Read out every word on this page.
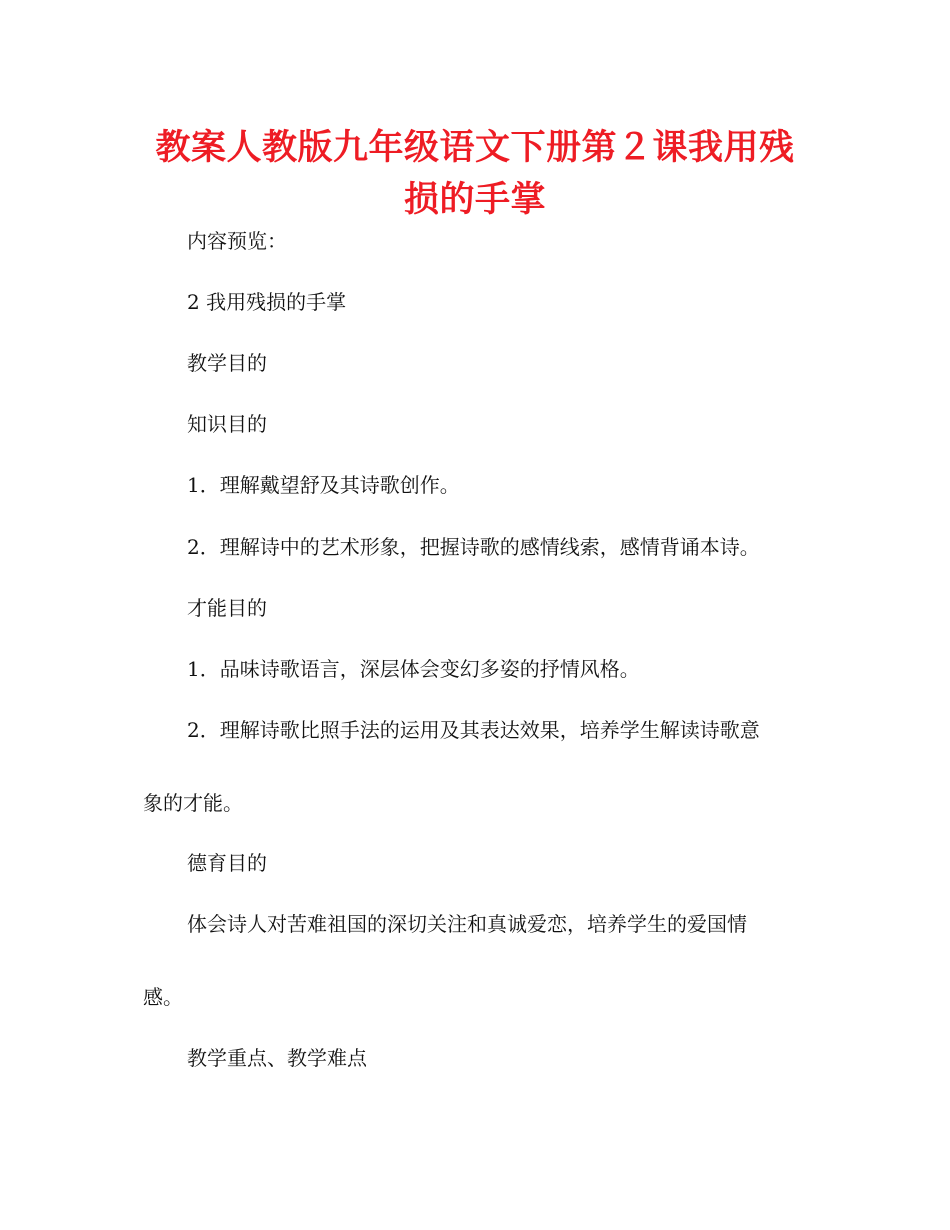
教案人教版九年级语文下册第２课我用残
损的手掌

内容预览：

2 我用残损的手掌

教学目的

知识目的

1．理解戴望舒及其诗歌创作。

2．理解诗中的艺术形象，把握诗歌的感情线索，感情背诵本诗。

才能目的

1．品味诗歌语言，深层体会变幻多姿的抒情风格。

2．理解诗歌比照手法的运用及其表达效果，培养学生解读诗歌意

象的才能。

德育目的

体会诗人对苦难祖国的深切关注和真诚爱恋，培养学生的爱国情

感。

教学重点、教学难点
